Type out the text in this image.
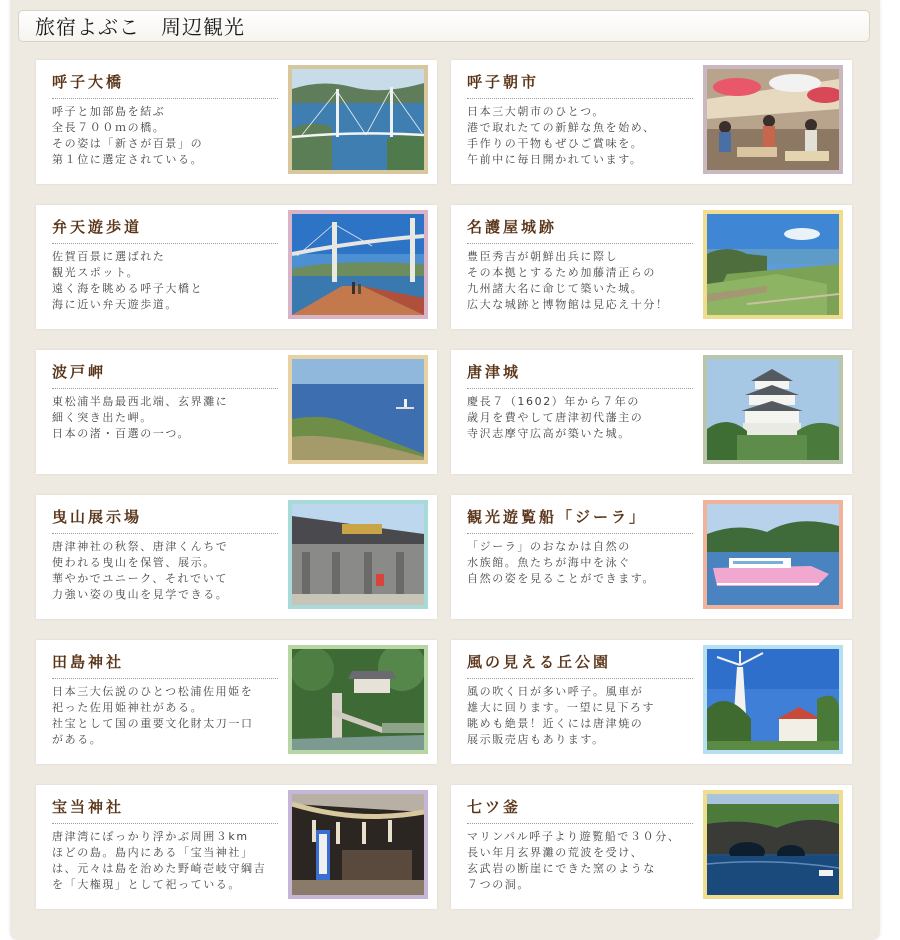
旅宿よぶこ　周辺観光
呼子大橋
呼子と加部島を結ぶ
全長７００ｍの橋。
その姿は「新さが百景」の
第１位に選定されている。
呼子朝市
日本三大朝市のひとつ。
港で取れたての新鮮な魚を始め、
手作りの干物もぜひご賞味を。
午前中に毎日開かれています。
弁天遊歩道
佐賀百景に選ばれた
観光スポット。
遠く海を眺める呼子大橋と
海に近い弁天遊歩道。
名護屋城跡
豊臣秀吉が朝鮮出兵に際し
その本拠とするため加藤清正らの
九州諸大名に命じて築いた城。
広大な城跡と博物館は見応え十分！
波戸岬
東松浦半島最西北端、玄界灘に
細く突き出た岬。
日本の渚・百選の一つ。
唐津城
慶長７（1602）年から７年の
歳月を費やして唐津初代藩主の
寺沢志摩守広高が築いた城。
曳山展示場
唐津神社の秋祭、唐津くんちで
使われる曳山を保管、展示。
華やかでユニーク、それでいて
力強い姿の曳山を見学できる。
観光遊覧船「ジーラ」
「ジーラ」のおなかは自然の
水族館。魚たちが海中を泳ぐ
自然の姿を見ることができます。
田島神社
日本三大伝説のひとつ松浦佐用姫を
祀った佐用姫神社がある。
社宝として国の重要文化財太刀一口
がある。
風の見える丘公園
風の吹く日が多い呼子。風車が
雄大に回ります。一望に見下ろす
眺めも絶景！近くには唐津焼の
展示販売店もあります。
宝当神社
唐津湾にぽっかり浮かぶ周囲３km
ほどの島。島内にある「宝当神社」
は、元々は島を治めた野崎壱岐守綱吉
を「大権現」として祀っている。
七ツ釜
マリンパル呼子より遊覧船で３０分、
長い年月玄界灘の荒波を受け、
玄武岩の断崖にできた窯のような
７つの洞。
